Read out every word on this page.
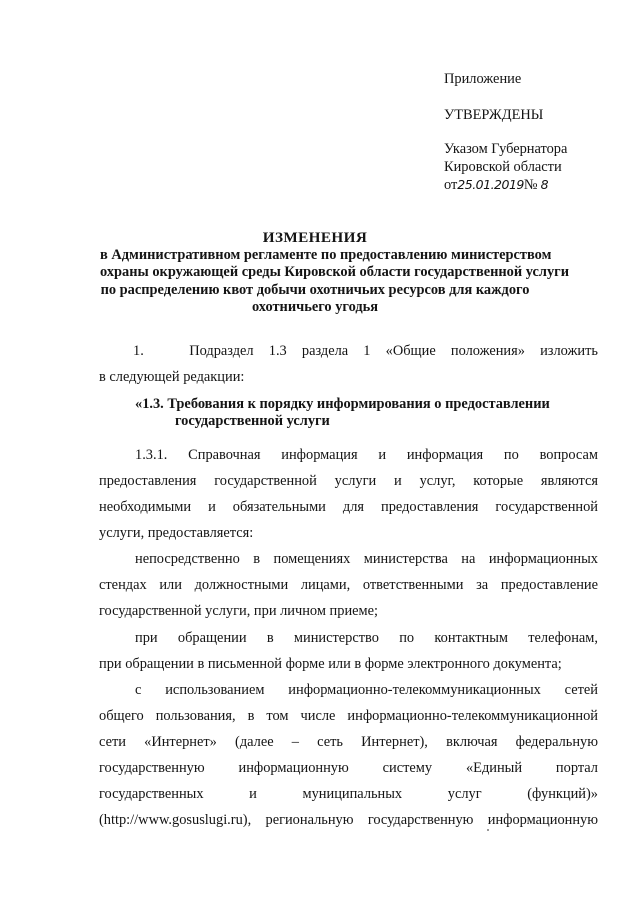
Приложение
УТВЕРЖДЕНЫ
Указом Губернатора
Кировской области
от25.01.2019№ 8
ИЗМЕНЕНИЯ
в Административном регламенте по предоставлению министерством
охраны окружающей среды Кировской области государственной услуги
по распределению квот добычи охотничьих ресурсов для каждого
охотничьего угодья
1.      Подраздел  1.3  раздела  1  «Общие  положения»  изложить
в следующей редакции:
«1.3. Требования к порядку информирования о предоставлении
государственной услуги
1.3.1. Справочная информация и информация по вопросам
предоставления государственной услуги и услуг, которые являются
необходимыми и обязательными для предоставления государственной
услуги, предоставляется:
непосредственно в помещениях министерства на информационных
стендах или должностными лицами, ответственными за предоставление
государственной услуги, при личном приеме;
при обращении в министерство по контактным телефонам,
при обращении в письменной форме или в форме электронного документа;
с использованием информационно-телекоммуникационных сетей
общего пользования, в том числе информационно-телекоммуникационной
сети «Интернет» (далее – сеть Интернет), включая федеральную
государственную информационную систему «Единый портал
государственных и муниципальных услуг (функций)»
(http://www.gosuslugi.ru), региональную государственную информационную
